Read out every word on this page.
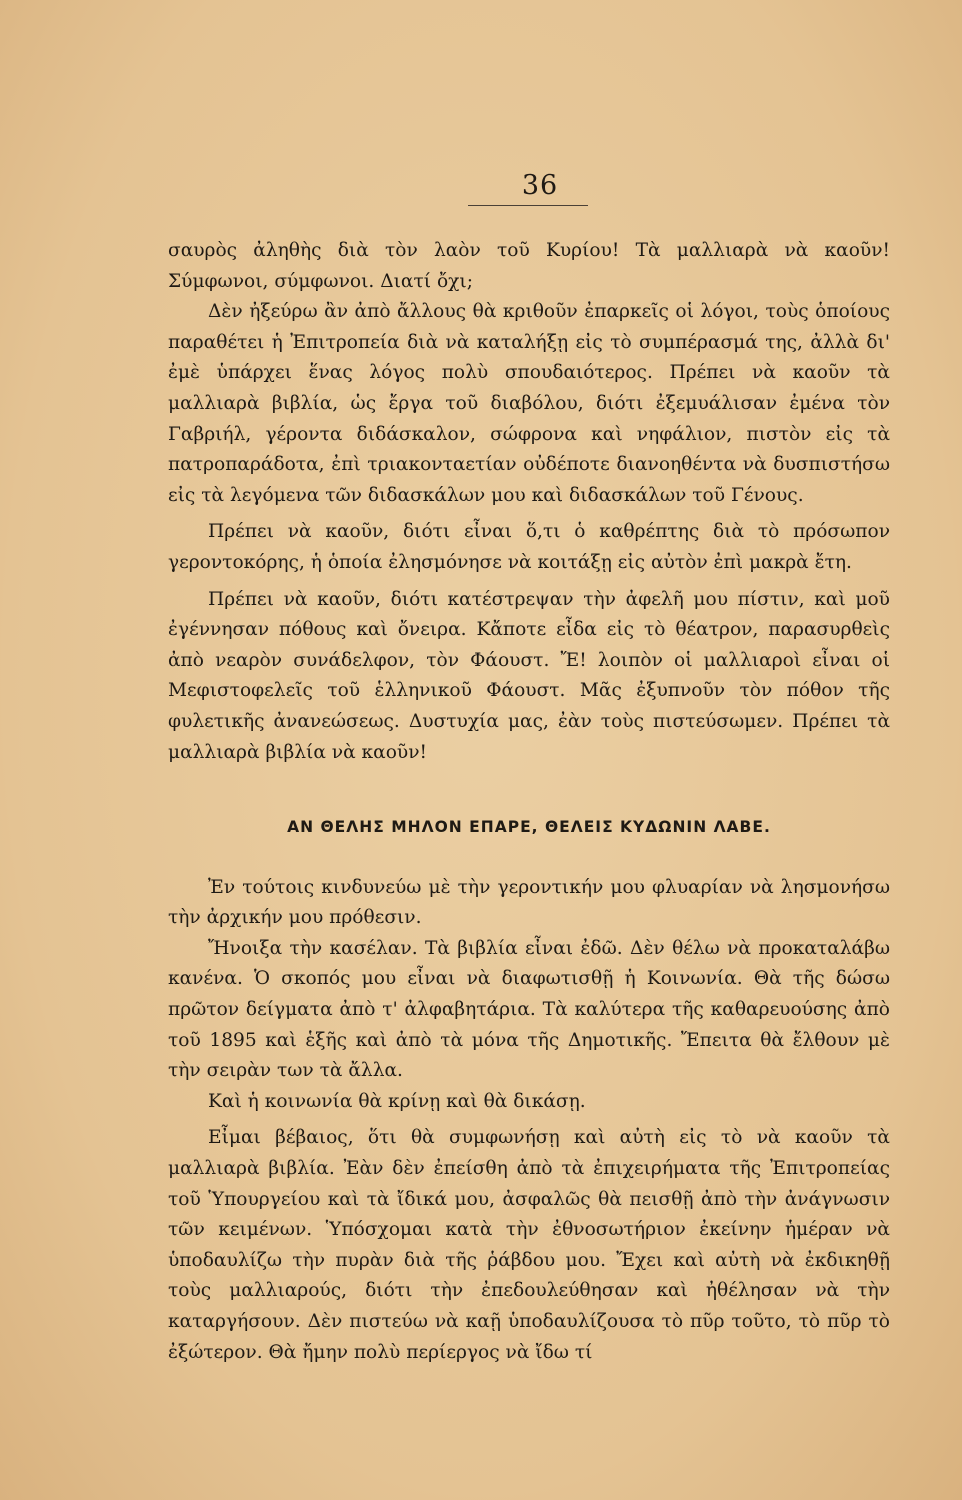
36

σαυρὸς ἀληθὴς διὰ τὸν λαὸν τοῦ Κυρίου! Τὰ μαλλιαρὰ νὰ καοῦν! Σύμφωνοι, σύμφωνοι. Διατί ὄχι;

Δὲν ἠξεύρω ἂν ἀπὸ ἄλλους θὰ κριθοῦν ἐπαρκεῖς οἱ λόγοι, τοὺς ὁποίους παραθέτει ἡ Ἐπιτροπεία διὰ νὰ καταλήξῃ εἰς τὸ συμπέρασμά της, ἀλλὰ δι' ἐμὲ ὑπάρχει ἕνας λόγος πολὺ σπουδαιότερος. Πρέπει νὰ καοῦν τὰ μαλλιαρὰ βιβλία, ὡς ἔργα τοῦ διαβόλου, διότι ἐξεμυάλισαν ἐμένα τὸν Γαβριήλ, γέροντα διδάσκαλον, σώφρονα καὶ νηφάλιον, πιστὸν εἰς τὰ πατροπαράδοτα, ἐπὶ τριακονταετίαν οὐδέποτε διανοηθέντα νὰ δυσπιστήσω εἰς τὰ λεγόμενα τῶν διδασκάλων μου καὶ διδασκάλων τοῦ Γένους.

Πρέπει νὰ καοῦν, διότι εἶναι ὅ,τι ὁ καθρέπτης διὰ τὸ πρόσωπον γεροντοκόρης, ἡ ὁποία ἐλησμόνησε νὰ κοιτάξῃ εἰς αὐτὸν ἐπὶ μακρὰ ἔτη.

Πρέπει νὰ καοῦν, διότι κατέστρεψαν τὴν ἀφελῆ μου πίστιν, καὶ μοῦ ἐγέννησαν πόθους καὶ ὄνειρα. Κἄποτε εἶδα εἰς τὸ θέατρον, παρασυρθεὶς ἀπὸ νεαρὸν συνάδελφον, τὸν Φάουστ. Ἔ! λοιπὸν οἱ μαλλιαροὶ εἶναι οἱ Μεφιστοφελεῖς τοῦ ἑλληνικοῦ Φάουστ. Μᾶς ἐξυπνοῦν τὸν πόθον τῆς φυλετικῆς ἀνανεώσεως. Δυστυχία μας, ἐὰν τοὺς πιστεύσωμεν. Πρέπει τὰ μαλλιαρὰ βιβλία νὰ καοῦν!

ΑΝ ΘΕΛΗΣ ΜΗΛΟΝ ΕΠΑΡΕ, ΘΕΛΕΙΣ ΚΥΔΩΝΙΝ ΛΑΒΕ.

Ἐν τούτοις κινδυνεύω μὲ τὴν γεροντικήν μου φλυαρίαν νὰ λησμονήσω τὴν ἀρχικήν μου πρόθεσιν.

Ἤνοιξα τὴν κασέλαν. Τὰ βιβλία εἶναι ἐδῶ. Δὲν θέλω νὰ προκαταλάβω κανένα. Ὁ σκοπός μου εἶναι νὰ διαφωτισθῇ ἡ Κοινωνία. Θὰ τῆς δώσω πρῶτον δείγματα ἀπὸ τ' ἀλφαβητάρια. Τὰ καλύτερα τῆς καθαρευούσης ἀπὸ τοῦ 1895 καὶ ἑξῆς καὶ ἀπὸ τὰ μόνα τῆς Δημοτικῆς. Ἔπειτα θὰ ἔλθουν μὲ τὴν σειρὰν των τὰ ἄλλα.

Καὶ ἡ κοινωνία θὰ κρίνῃ καὶ θὰ δικάσῃ.

Εἶμαι βέβαιος, ὅτι θὰ συμφωνήσῃ καὶ αὐτὴ εἰς τὸ νὰ καοῦν τὰ μαλλιαρὰ βιβλία. Ἐὰν δὲν ἐπείσθη ἀπὸ τὰ ἐπιχειρήματα τῆς Ἐπιτροπείας τοῦ Ὑπουργείου καὶ τὰ ἴδικά μου, ἀσφαλῶς θὰ πεισθῇ ἀπὸ τὴν ἀνάγνωσιν τῶν κειμένων. Ὑπόσχομαι κατὰ τὴν ἐθνοσωτήριον ἐκείνην ἡμέραν νὰ ὑποδαυλίζω τὴν πυρὰν διὰ τῆς ῥάβδου μου. Ἔχει καὶ αὐτὴ νὰ ἐκδικηθῇ τοὺς μαλλιαρούς, διότι τὴν ἐπεδουλεύθησαν καὶ ἠθέλησαν νὰ τὴν καταργήσουν. Δὲν πιστεύω νὰ καῇ ὑποδαυλίζουσα τὸ πῦρ τοῦτο, τὸ πῦρ τὸ ἐξώτερον. Θὰ ἤμην πολὺ περίεργος νὰ ἴδω τί
